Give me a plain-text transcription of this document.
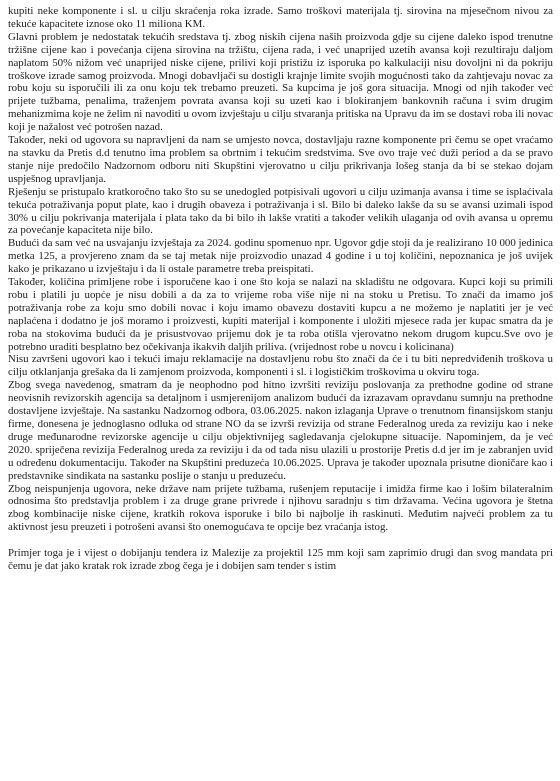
kupiti neke komponente i sl. u cilju skraćenja roka izrade. Samo troškovi materijala tj. sirovina na mjesečnom nivou za tekuće kapacitete iznose oko 11 miliona KM.

Glavni problem je nedostatak tekućih sredstava tj. zbog niskih cijena naših proizvoda gdje su cijene daleko ispod trenutne tržišne cijene kao i povećanja cijena sirovina na tržištu, cijena rada, i već unaprijed uzetih avansa koji rezultiraju daljom naplatom 50% nižom već unaprijed niske cijene, prilivi koji pristižu iz isporuka po kalkulaciji nisu dovoljni ni da pokriju troškove izrade samog proizvoda. Mnogi dobavljači su dostigli krajnje limite svojih mogućnosti tako da zahtjevaju novac za robu koju su isporučili ili za onu koju tek trebamo preuzeti. Sa kupcima je još gora situacija. Mnogi od njih također već prijete tužbama, penalima, traženjem povrata avansa koji su uzeti kao i blokiranjem bankovnih računa i svim drugim mehanizmima koje ne želim ni navoditi u ovom izvještaju u cilju stvaranja pritiska na Upravu da im se dostavi roba ili novac koji je nažalost već potrošen nazad.

Također, neki od ugovora su napravljeni da nam se umjesto novca, dostavljaju razne komponente pri čemu se opet vraćamo na stavku da Pretis d.d tenutno ima problem sa obrtnim i tekućim sredstvima. Sve ovo traje već duži period a da se pravo stanje nije predočilo Nadzornom odboru niti Skupštini vjerovatno u cilju prikrivanja lošeg stanja da bi se stekao dojam uspješnog upravljanja.

Rješenju se pristupalo kratkoročno tako što su se unedogled potpisivali ugovori u cilju uzimanja avansa i time se isplaćivala tekuća potraživanja poput plate, kao i drugih obaveza i potraživanja i sl. Bilo bi daleko lakše da su se avansi uzimali ispod 30% u cilju pokrivanja materijala i plata tako da bi bilo ih lakše vratiti a također velikih ulaganja od ovih avansa u opremu za povećanje kapaciteta nije bilo.

Budući da sam već na usvajanju izvještaja za 2024. godinu spomenuo npr. Ugovor gdje stoji da je realizirano 10 000 jedinica metka 125, a provjereno znam da se taj metak nije proizvodio unazad 4 godine i u toj količini, nepoznanica je još uvijek kako je prikazano u izvještaju i da li ostale parametre treba preispitati.

Također, količina primljene robe i isporučene kao i one što koja se nalazi na skladištu ne odgovara. Kupci koji su primili robu i platili ju uopće je nisu dobili a da za to vrijeme roba više nije ni na stoku u Pretisu. To znači da imamo još potraživanja robe za koju smo dobili novac i koju imamo obavezu dostaviti kupcu a ne možemo je naplatiti jer je već naplaćena i dodatno je još moramo i proizvesti, kupiti materijal i komponente i uložiti mjesece rada jer kupac smatra da je roba na stokovima budući da je prisustvovao prijemu dok je ta roba otišla vjerovatno nekom drugom kupcu.Sve ovo je potrebno uraditi besplatno bez očekivanja ikakvih daljih priliva. (vrijednost robe u novcu i kolicinana)

Nisu završeni ugovori kao i tekući imaju reklamacije na dostavljenu robu što znači da će i tu biti nepredviđenih troškova u cilju otklanjanja grešaka da li zamjenom proizvoda, komponenti i sl. i logističkim troškovima u okviru toga.

Zbog svega navedenog, smatram da je neophodno pod hitno izvršiti reviziju poslovanja za prethodne godine od strane neovisnih revizorskih agencija sa detaljnom i usmjerenijom analizom budući da izrazavam opravdanu sumnju na prethodne dostavljene izvještaje. Na sastanku Nadzornog odbora, 03.06.2025. nakon izlaganja Uprave o trenutnom finansijskom stanju firme, donesena je jednoglasno odluka od strane NO da se izvrši revizija od strane Federalnog ureda za reviziju kao i neke druge međunarodne revizorske agencije u cilju objektivnijeg sagledavanja cjelokupne situacije. Napominjem, da je već 2020. spriječena revizija Federalnog ureda za reviziju i da od tada nisu ulazili u prostorije Pretis d.d jer im je zabranjen uvid u određenu dokumentaciju. Također na Skupštini preduzeća 10.06.2025. Uprava je također upoznala prisutne dioničare kao i predstavnike sindikata na sastanku poslije o stanju u preduzeću.

Zbog neispunjenja ugovora, neke države nam prijete tužbama, rušenjem reputacije i imidža firme kao i lošim bilateralnim odnosima što predstavlja problem i za druge grane privrede i njihovu saradnju s tim državama. Većina ugovora je štetna zbog kombinacije niske cijene, kratkih rokova isporuke i bilo bi najbolje ih raskinuti. Međutim najveći problem za tu aktivnost jesu preuzeti i potrošeni avansi što onemogućava te opcije bez vraćanja istog.

Primjer toga je i vijest o dobijanju tendera iz Malezije za projektil 125 mm koji sam zaprimio drugi dan svog mandata pri čemu je dat jako kratak rok izrade zbog čega je i dobijen sam tender s istim
